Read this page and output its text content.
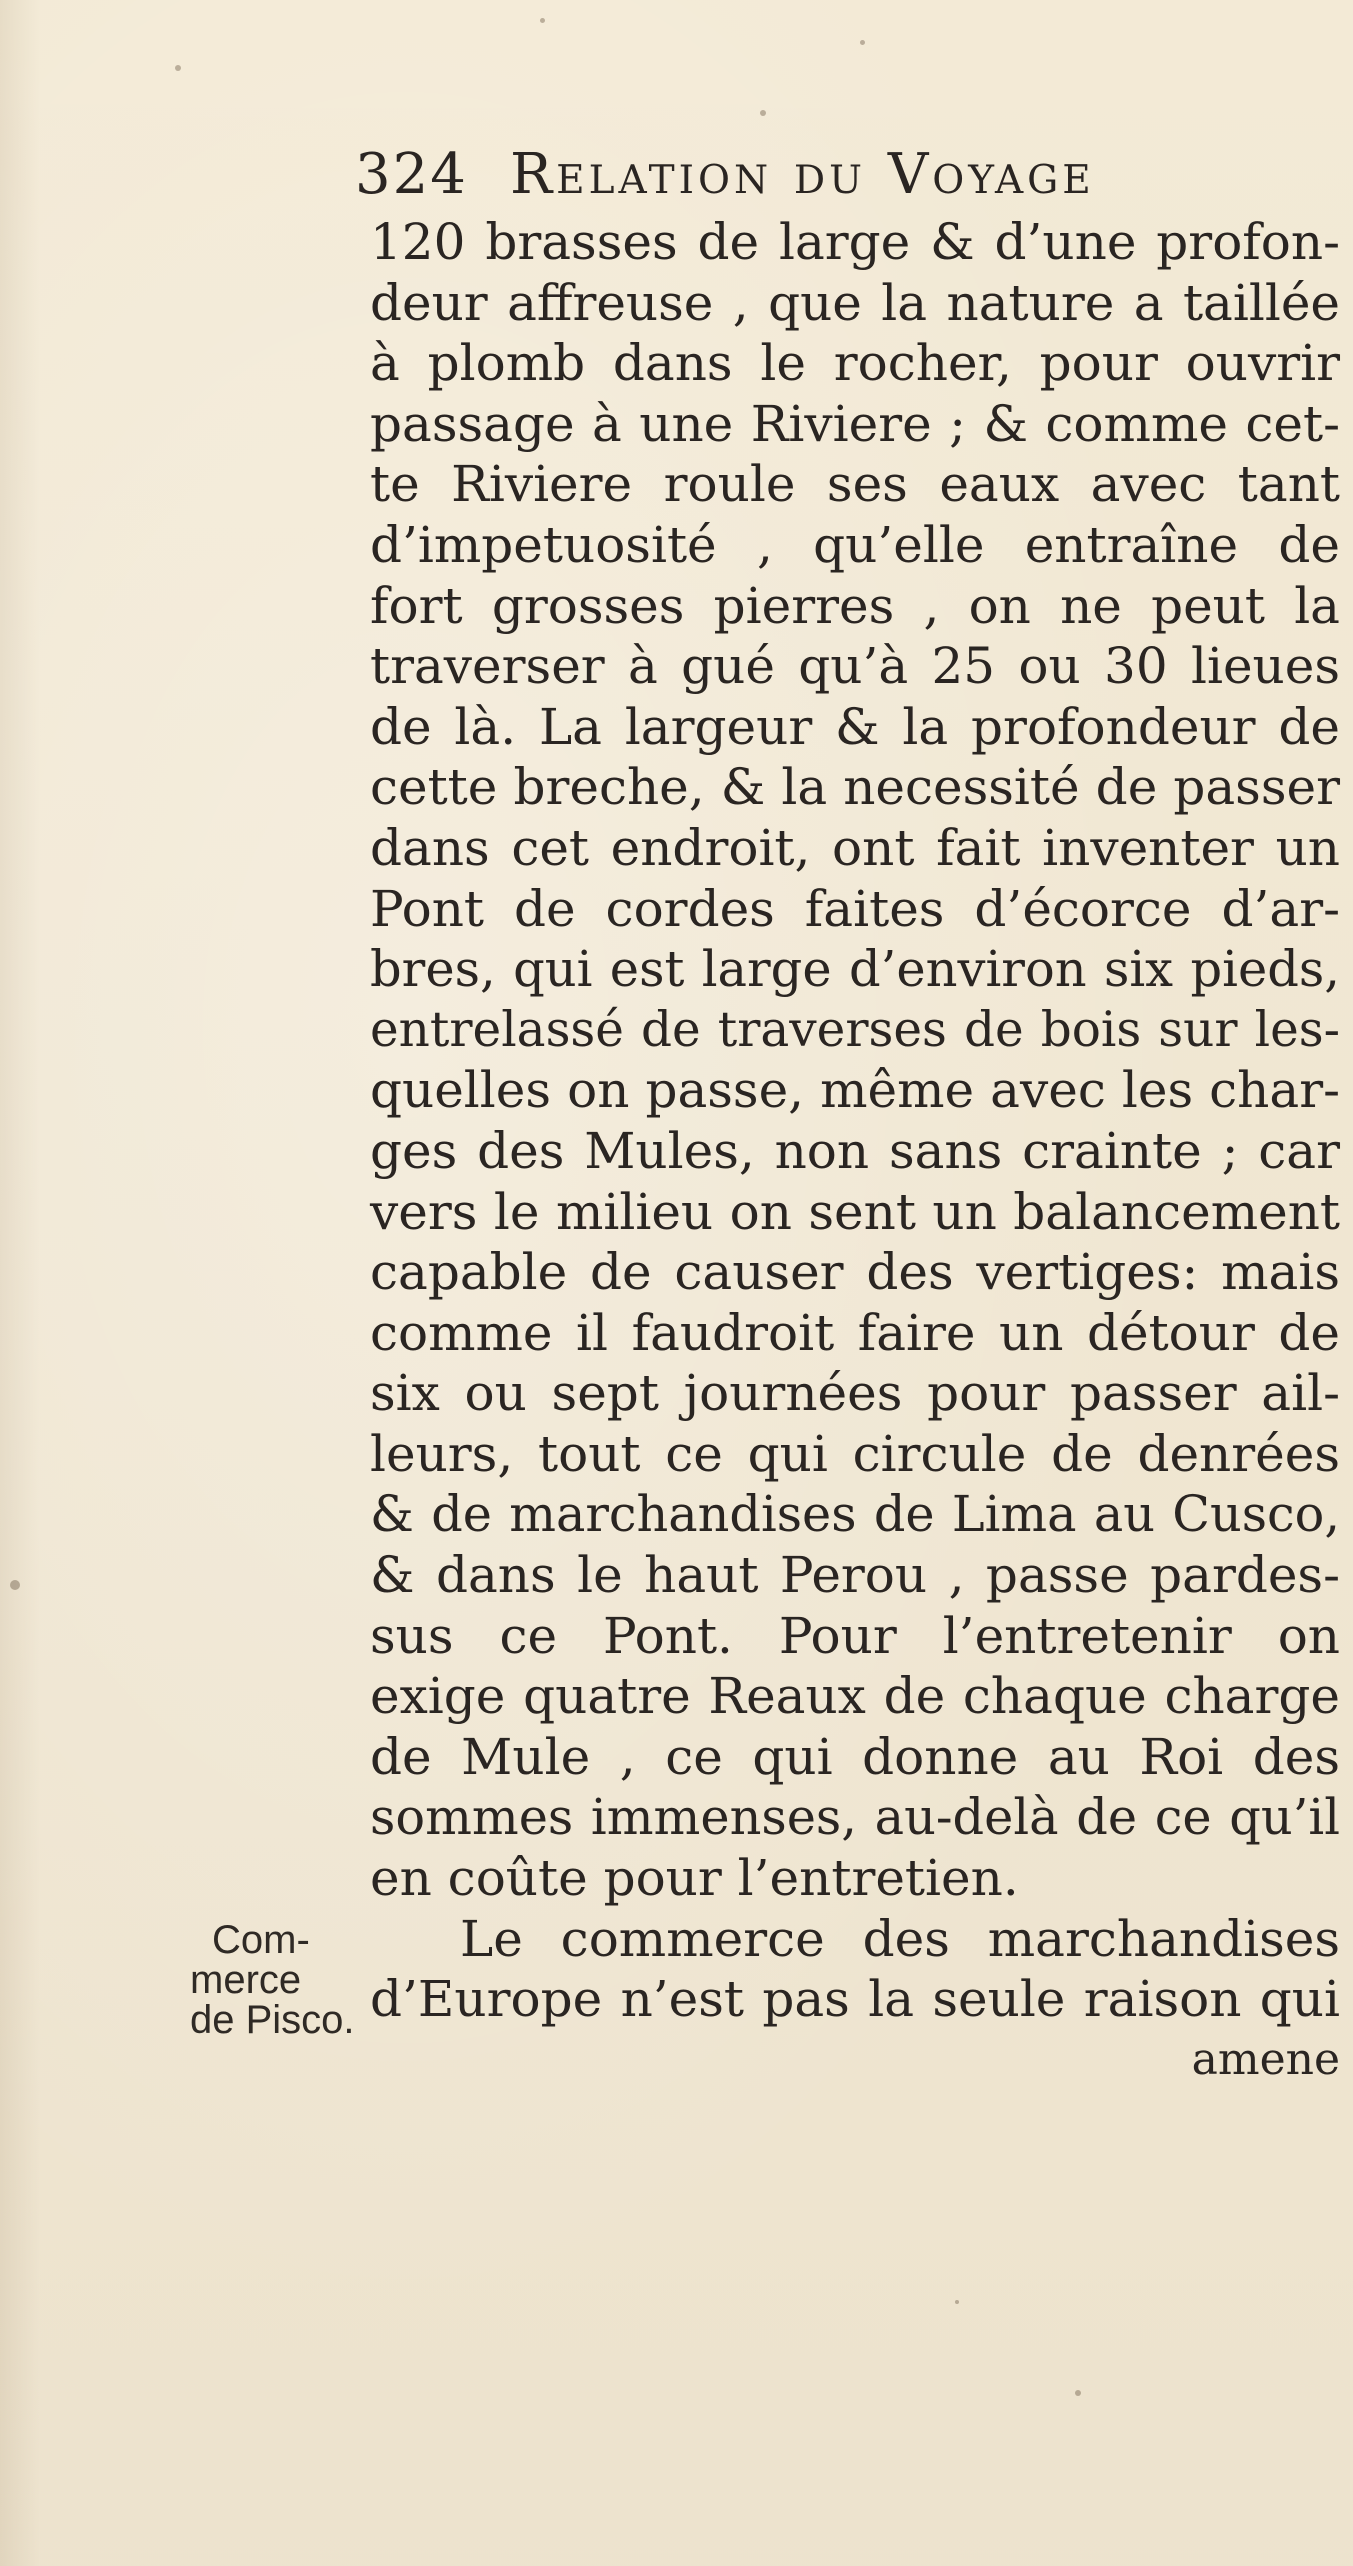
324 Relation du Voyage
120 brasses de large & d’une profon-
deur affreuse , que la nature a taillée
à plomb dans le rocher, pour ouvrir
passage à une Riviere ; & comme cet-
te Riviere roule ses eaux avec tant
d’impetuosité , qu’elle entraîne de
fort grosses pierres , on ne peut la
traverser à gué qu’à 25 ou 30 lieues
de là. La largeur & la profondeur de
cette breche, & la necessité de passer
dans cet endroit, ont fait inventer un
Pont de cordes faites d’écorce d’ar-
bres, qui est large d’environ six pieds,
entrelassé de traverses de bois sur les-
quelles on passe, même avec les char-
ges des Mules, non sans crainte ; car
vers le milieu on sent un balancement
capable de causer des vertiges: mais
comme il faudroit faire un détour de
six ou sept journées pour passer ail-
leurs, tout ce qui circule de denrées
& de marchandises de Lima au Cusco,
& dans le haut Perou , passe pardes-
sus ce Pont. Pour l’entretenir on
exige quatre Reaux de chaque charge
de Mule , ce qui donne au Roi des
sommes immenses, au-delà de ce qu’il
en coûte pour l’entretien.
Le commerce des marchandises
d’Europe n’est pas la seule raison qui
amene
Com-
merce
de Pisco.
